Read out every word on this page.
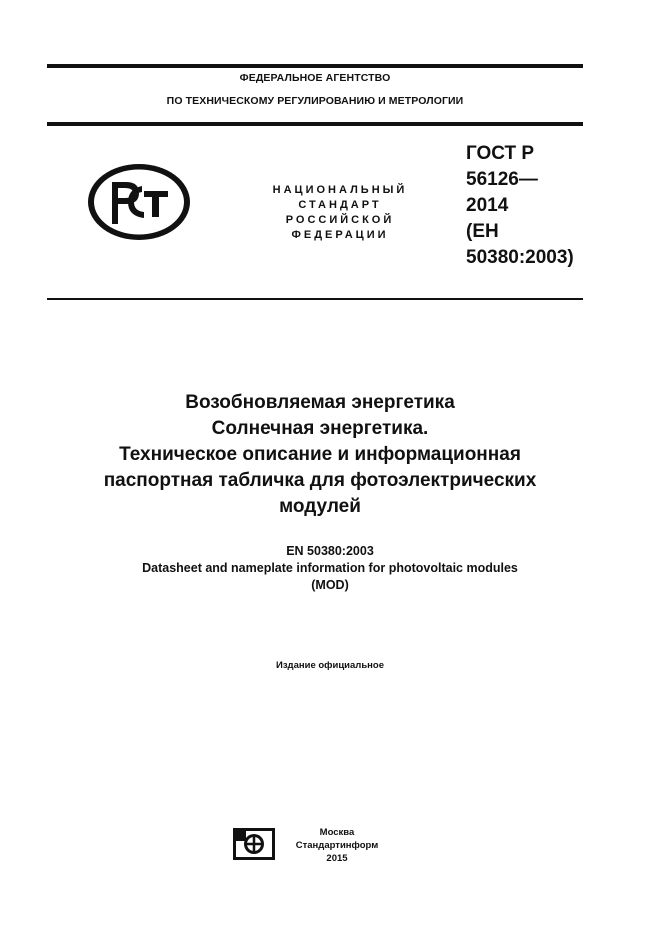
ФЕДЕРАЛЬНОЕ АГЕНТСТВО
ПО ТЕХНИЧЕСКОМУ РЕГУЛИРОВАНИЮ И МЕТРОЛОГИИ
НАЦИОНАЛЬНЫЙ
СТАНДАРТ
РОССИЙСКОЙ
ФЕДЕРАЦИИ
ГОСТ Р
56126—
2014
(ЕН
50380:2003)
Возобновляемая энергетика
Солнечная энергетика.
Техническое описание и информационная
паспортная табличка для фотоэлектрических
модулей
EN 50380:2003
Datasheet and nameplate information for photovoltaic modules
(MOD)
Издание официальное
Москва
Стандартинформ
2015
